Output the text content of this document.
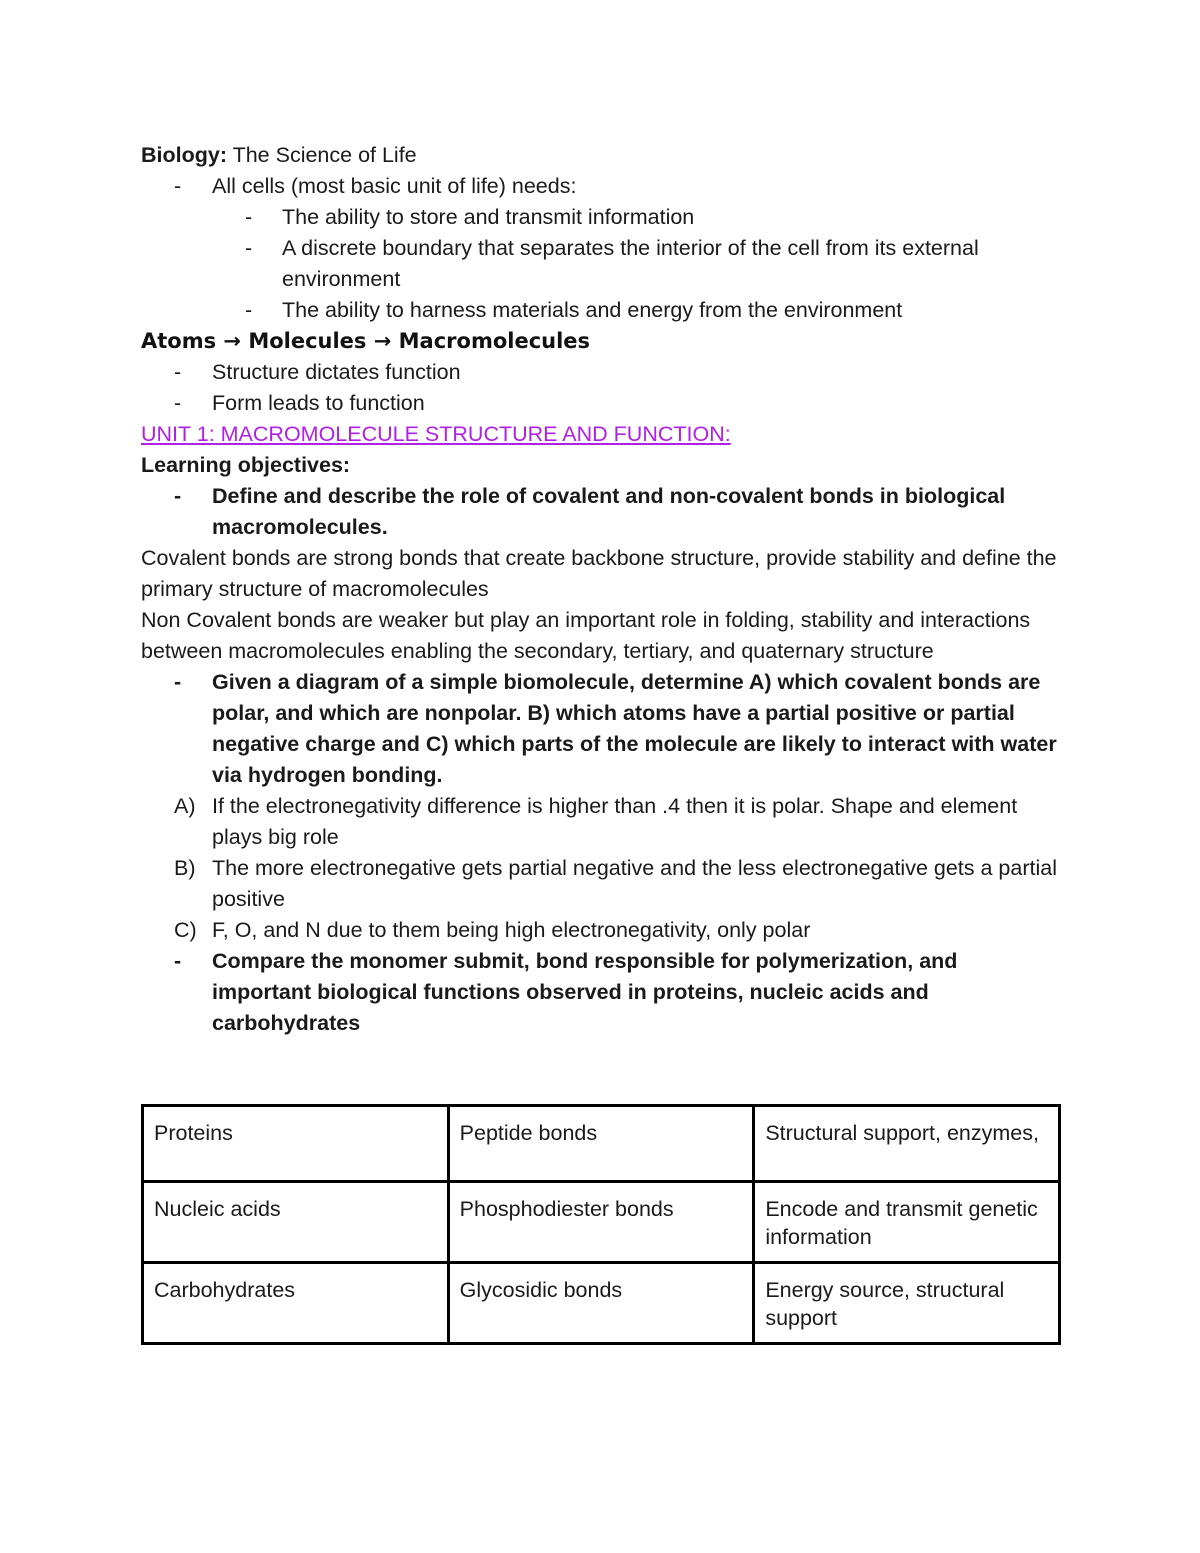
Biology: The Science of Life
- All cells (most basic unit of life) needs:
- The ability to store and transmit information
- A discrete boundary that separates the interior of the cell from its external environment
- The ability to harness materials and energy from the environment
Atoms → Molecules → Macromolecules
- Structure dictates function
- Form leads to function
UNIT 1: MACROMOLECULE STRUCTURE AND FUNCTION:
Learning objectives:
- Define and describe the role of covalent and non-covalent bonds in biological macromolecules.
Covalent bonds are strong bonds that create backbone structure, provide stability and define the primary structure of macromolecules
Non Covalent bonds are weaker but play an important role in folding, stability and interactions between macromolecules enabling the secondary, tertiary, and quaternary structure
- Given a diagram of a simple biomolecule, determine A) which covalent bonds are polar, and which are nonpolar. B) which atoms have a partial positive or partial negative charge and C) which parts of the molecule are likely to interact with water via hydrogen bonding.
A) If the electronegativity difference is higher than .4 then it is polar. Shape and element plays big role
B) The more electronegative gets partial negative and the less electronegative gets a partial positive
C) F, O, and N due to them being high electronegativity, only polar
- Compare the monomer submit, bond responsible for polymerization, and important biological functions observed in proteins, nucleic acids and carbohydrates
Proteins	Peptide bonds	Structural support, enzymes,
Nucleic acids	Phosphodiester bonds	Encode and transmit genetic information
Carbohydrates	Glycosidic bonds	Energy source, structural support
